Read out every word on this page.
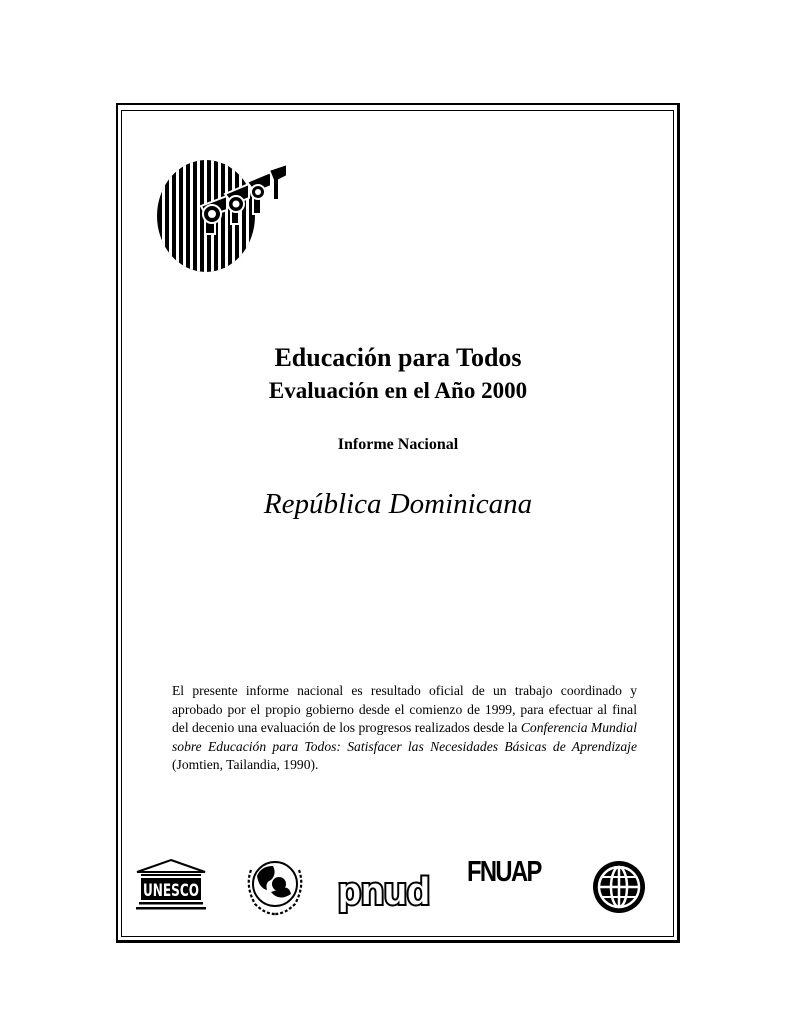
Educación para Todos
Evaluación en el Año 2000
Informe Nacional
República Dominicana
El presente informe nacional es resultado oficial de un trabajo coordinado y aprobado por el propio gobierno desde el comienzo de 1999, para efectuar al final del decenio una evaluación de los progresos realizados desde la Conferencia Mundial sobre Educación para Todos: Satisfacer las Necesidades Básicas de Aprendizaje (Jomtien, Tailandia, 1990).
UNESCO	pnud FNUAP
